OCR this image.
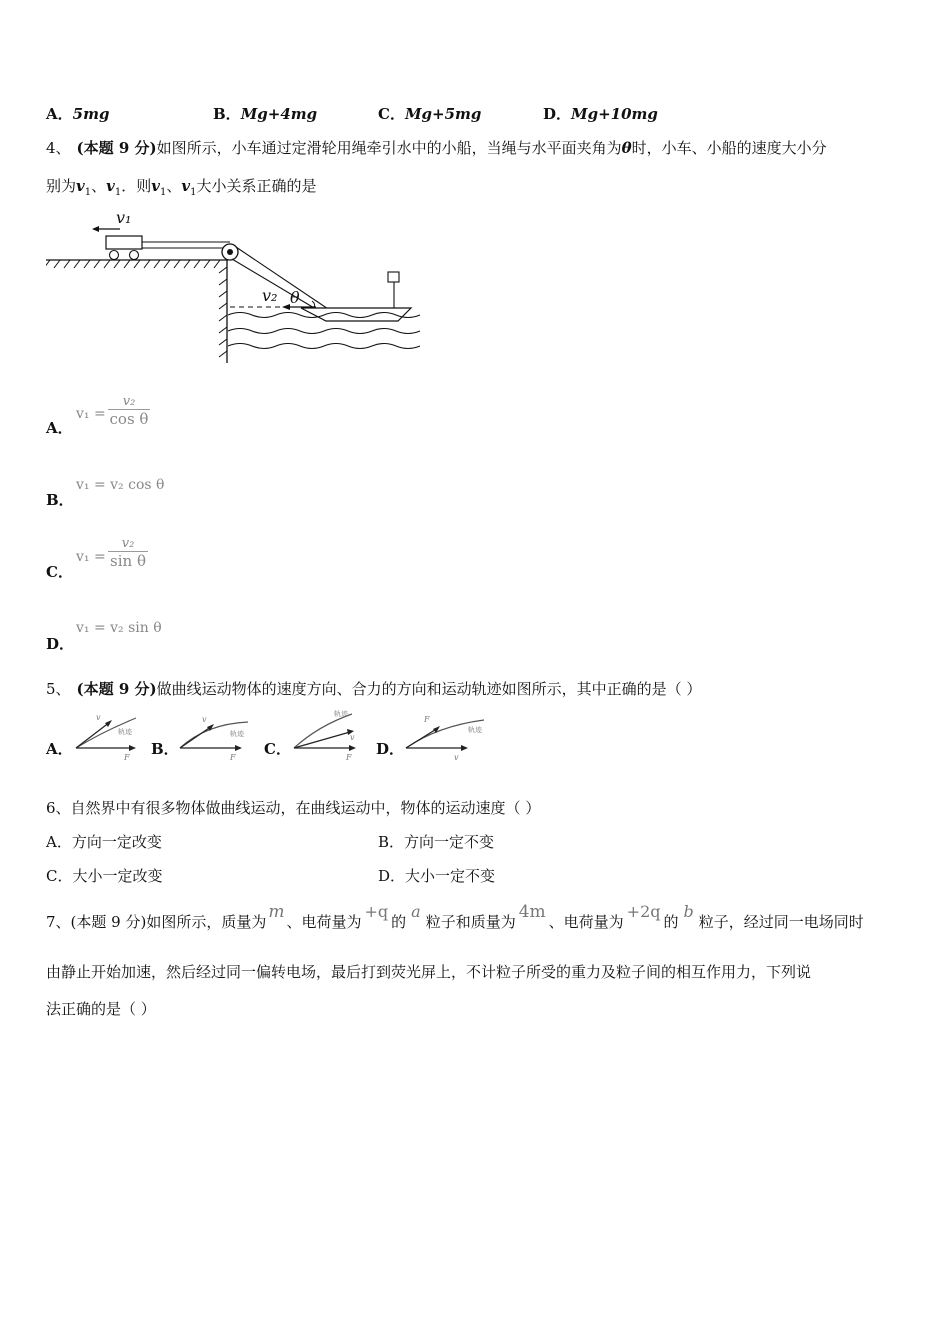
A．5mg	B．Mg+4mg	C．Mg+5mg	D．Mg+10mg
4、 (本题 9 分)如图所示，小车通过定滑轮用绳牵引水中的小船，当绳与水平面夹角为θ时，小车、小船的速度大小分
别为$v_1$、$v_1$．则$v_1$、$v_1$大小关系正确的是
v₁
v₂ θ
A．
$v_1 = \frac{\text{v₂}}{\text{cos θ}}$
B．
v₁ = v₂ cos θ
C．
$v_1 = \frac{\text{v₂}}{\text{sin θ}}$
D．
v₁ = v₂ sin θ
5、 (本题 9 分)做曲线运动物体的速度方向、合力的方向和运动轨迹如图所示，其中正确的是（ ）
A．
v
轨迹
F B．
v
轨迹
F C．
轨迹
v
F D．
F
轨迹
v
6、自然界中有很多物体做曲线运动，在曲线运动中，物体的运动速度（ ）
A．方向一定改变	B．方向一定不变
C．大小一定改变	D．大小一定不变
7、(本题 9 分)如图所示，质量为 m 、电荷量为+q的a粒子和质量为 4m 、电荷量为+2q的b粒子，经过同一电场同时
由静止开始加速，然后经过同一偏转电场，最后打到荧光屏上，不计粒子所受的重力及粒子间的相互作用力，下列说
法正确的是（ ）
